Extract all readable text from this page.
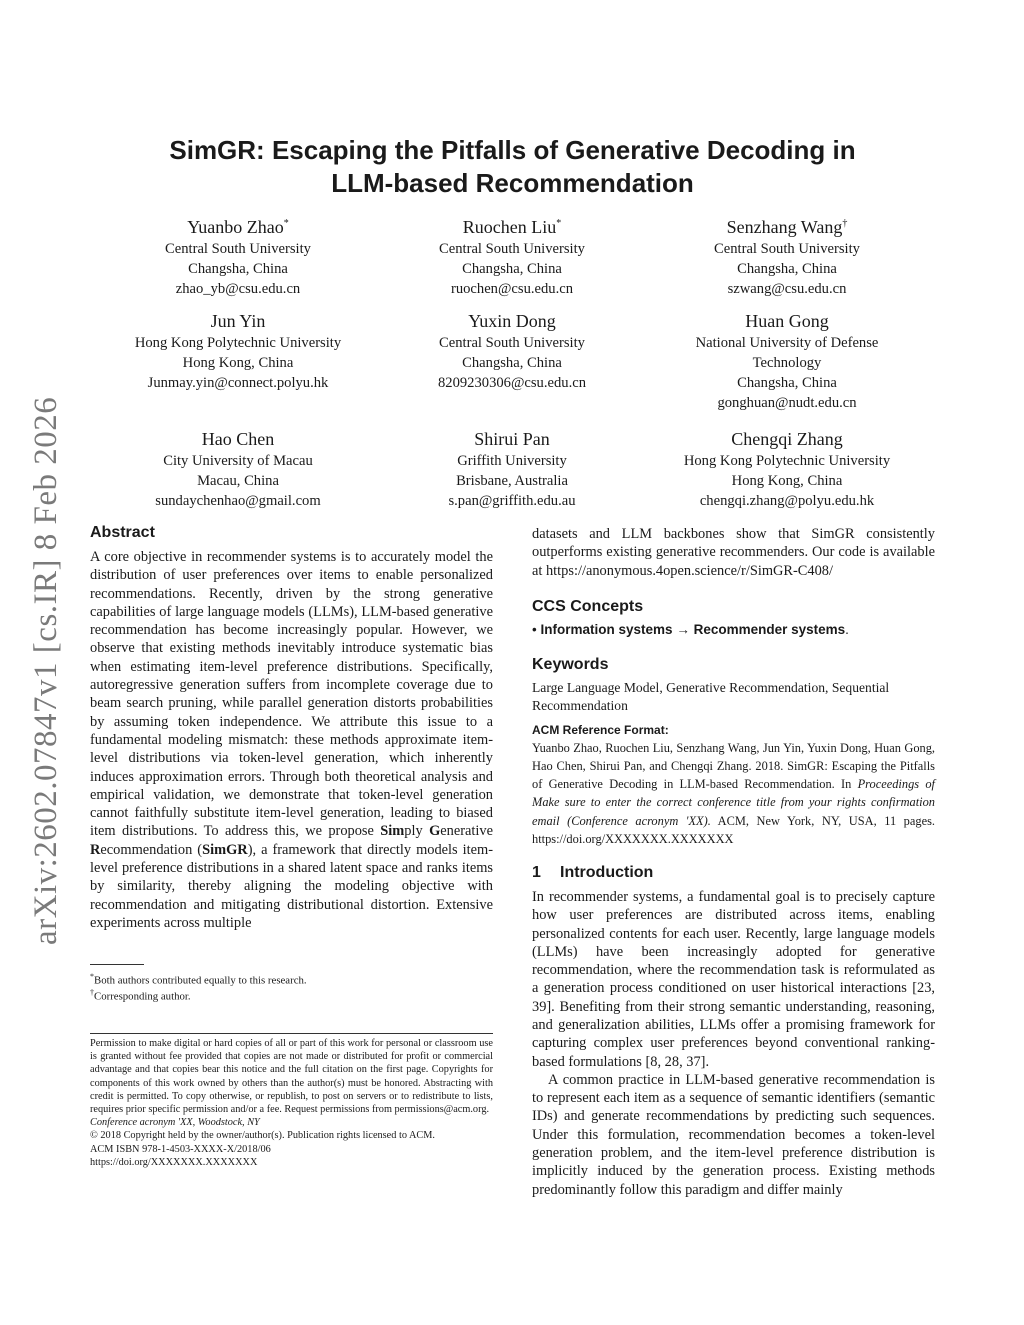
arXiv:2602.07847v1 [cs.IR] 8 Feb 2026
SimGR: Escaping the Pitfalls of Generative Decoding in
LLM-based Recommendation
Yuanbo Zhao*
Central South University
Changsha, China
zhao_yb@csu.edu.cn
Ruochen Liu*
Central South University
Changsha, China
ruochen@csu.edu.cn
Senzhang Wang†
Central South University
Changsha, China
szwang@csu.edu.cn
Jun Yin
Hong Kong Polytechnic University
Hong Kong, China
Junmay.yin@connect.polyu.hk
Yuxin Dong
Central South University
Changsha, China
8209230306@csu.edu.cn
Huan Gong
National University of Defense
Technology
Changsha, China
gonghuan@nudt.edu.cn
Hao Chen
City University of Macau
Macau, China
sundaychenhao@gmail.com
Shirui Pan
Griffith University
Brisbane, Australia
s.pan@griffith.edu.au
Chengqi Zhang
Hong Kong Polytechnic University
Hong Kong, China
chengqi.zhang@polyu.edu.hk
Abstract
A core objective in recommender systems is to accurately model the distribution of user preferences over items to enable personalized recommendations. Recently, driven by the strong generative capabilities of large language models (LLMs), LLM-based generative recommendation has become increasingly popular. However, we observe that existing methods inevitably introduce systematic bias when estimating item-level preference distributions. Specifically, autoregressive generation suffers from incomplete coverage due to beam search pruning, while parallel generation distorts probabilities by assuming token independence. We attribute this issue to a fundamental modeling mismatch: these methods approximate item-level distributions via token-level generation, which inherently induces approximation errors. Through both theoretical analysis and empirical validation, we demonstrate that token-level generation cannot faithfully substitute item-level generation, leading to biased item distributions. To address this, we propose Simply Generative Recommendation (SimGR), a framework that directly models item-level preference distributions in a shared latent space and ranks items by similarity, thereby aligning the modeling objective with recommendation and mitigating distributional distortion. Extensive experiments across multiple
*Both authors contributed equally to this research.
†Corresponding author.
Permission to make digital or hard copies of all or part of this work for personal or classroom use is granted without fee provided that copies are not made or distributed for profit or commercial advantage and that copies bear this notice and the full citation on the first page. Copyrights for components of this work owned by others than the author(s) must be honored. Abstracting with credit is permitted. To copy otherwise, or republish, to post on servers or to redistribute to lists, requires prior specific permission and/or a fee. Request permissions from permissions@acm.org.
Conference acronym 'XX, Woodstock, NY
© 2018 Copyright held by the owner/author(s). Publication rights licensed to ACM.
ACM ISBN 978-1-4503-XXXX-X/2018/06
https://doi.org/XXXXXXX.XXXXXXX
datasets and LLM backbones show that SimGR consistently outperforms existing generative recommenders. Our code is available at https://anonymous.4open.science/r/SimGR-C408/
CCS Concepts
• Information systems → Recommender systems.
Keywords
Large Language Model, Generative Recommendation, Sequential Recommendation
ACM Reference Format:
Yuanbo Zhao, Ruochen Liu, Senzhang Wang, Jun Yin, Yuxin Dong, Huan Gong, Hao Chen, Shirui Pan, and Chengqi Zhang. 2018. SimGR: Escaping the Pitfalls of Generative Decoding in LLM-based Recommendation. In Proceedings of Make sure to enter the correct conference title from your rights confirmation email (Conference acronym 'XX). ACM, New York, NY, USA, 11 pages. https://doi.org/XXXXXXX.XXXXXXX
1 Introduction

In recommender systems, a fundamental goal is to precisely capture how user preferences are distributed across items, enabling personalized contents for each user. Recently, large language models (LLMs) have been increasingly adopted for generative recommendation, where the recommendation task is reformulated as a generation process conditioned on user historical interactions [23, 39]. Benefiting from their strong semantic understanding, reasoning, and generalization abilities, LLMs offer a promising framework for capturing complex user preferences beyond conventional ranking-based formulations [8, 28, 37].

A common practice in LLM-based generative recommendation is to represent each item as a sequence of semantic identifiers (semantic IDs) and generate recommendations by predicting such sequences. Under this formulation, recommendation becomes a token-level generation problem, and the item-level preference distribution is implicitly induced by the generation process. Existing methods predominantly follow this paradigm and differ mainly
